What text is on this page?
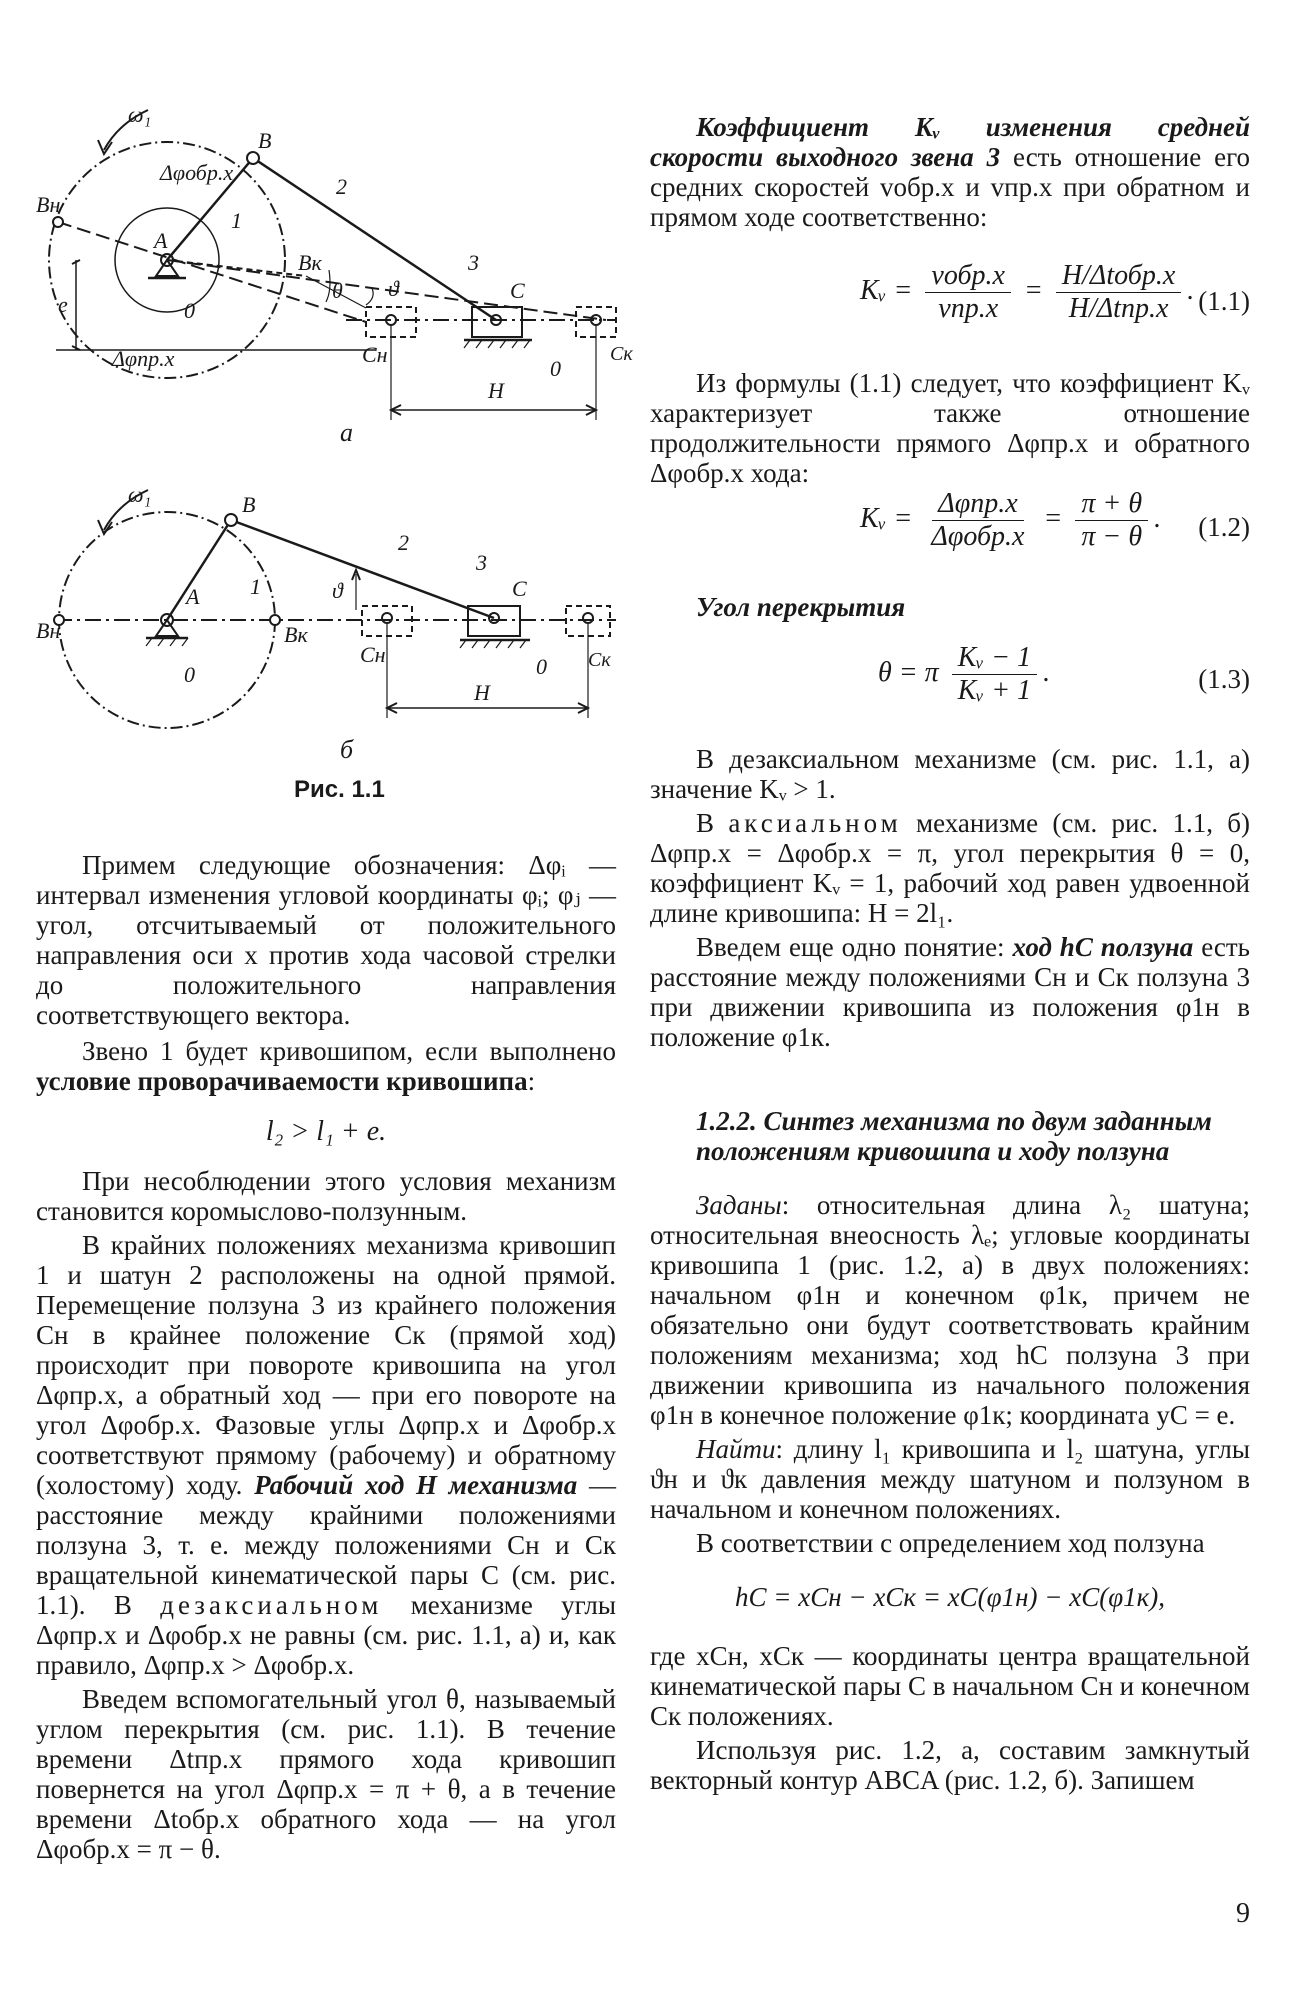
ω₁
Δφобр.х
Bн
B
2
A
1
Bк
e	0
θ ϑ
3
C
Δφпр.х	Cн
0
Cк
H
а
ω₁	B
2
3
C
ϑ
A 1
Bн	Bк
0
Cн	0 Cк
H
б
Рис. 1.1

Примем следующие обозначения: Δφᵢ — интервал изменения угловой координаты φᵢ; φⱼ — угол, отсчитываемый от положительного направления оси x против хода часовой стрелки до положительного направления соответствующего вектора.

Звено 1 будет кривошипом, если выполнено условие проворачиваемости кривошипа:

l₂ > l₁ + e.

При несоблюдении этого условия механизм становится коромыслово-ползунным.

В крайних положениях механизма кривошип 1 и шатун 2 расположены на одной прямой. Перемещение ползуна 3 из крайнего положения Cн в крайнее положение Cк (прямой ход) происходит при повороте кривошипа на угол Δφпр.х, а обратный ход — при его повороте на угол Δφобр.х. Фазовые углы Δφпр.х и Δφобр.х соответствуют прямому (рабочему) и обратному (холостому) ходу. Рабочий ход H механизма — расстояние между крайними положениями ползуна 3, т. е. между положениями Cн и Cк вращательной кинематической пары C (см. рис. 1.1). В дезаксиальном механизме углы Δφпр.х и Δφобр.х не равны (см. рис. 1.1, а) и, как правило, Δφпр.х > Δφобр.х.

Введем вспомогательный угол θ, называемый углом перекрытия (см. рис. 1.1). В течение времени Δtпр.х прямого хода кривошип повернется на угол Δφпр.х = π + θ, а в течение времени Δtобр.х обратного хода — на угол Δφобр.х = π − θ.

Коэффициент Kᵥ изменения средней скорости выходного звена 3 есть отношение его средних скоростей vобр.х и vпр.х при обратном и прямом ходе соответственно:

Kᵥ = $\frac{\text{vобр.х}}{\text{vпр.х}} = \frac{\text{H/Δtобр.х}}{\text{H/Δtпр.х}}$ . (1.1)

Из формулы (1.1) следует, что коэффициент Kᵥ характеризует также отношение продолжительности прямого Δφпр.х и обратного Δφобр.х хода:

Kᵥ = $\frac{\text{Δφпр.х}}{\text{Δφобр.х}} = \frac{\pi + \theta}{\pi - \theta}$ . (1.2)
Угол перекрытия
θ = π $\frac{\text{Kᵥ − 1}}{\text{Kᵥ + 1}}$ .	(1.3)

В дезаксиальном механизме (см. рис. 1.1, а) значение Kᵥ > 1.

В аксиальном механизме (см. рис. 1.1, б) Δφпр.х = Δφобр.х = π, угол перекрытия θ = 0, коэффициент Kᵥ = 1, рабочий ход равен удвоенной длине кривошипа: H = 2l₁.

Введем еще одно понятие: ход hC ползуна есть расстояние между положениями Cн и Cк ползуна 3 при движении кривошипа из положения φ1н в положение φ1к.

1.2.2. Синтез механизма по двум заданным положениям кривошипа и ходу ползуна

Заданы: относительная длина λ₂ шатуна; относительная внеосность λₑ; угловые координаты кривошипа 1 (рис. 1.2, а) в двух положениях: начальном φ1н и конечном φ1к, причем не обязательно они будут соответствовать крайним положениям механизма; ход hC ползуна 3 при движении кривошипа из начального положения φ1н в конечное положение φ1к; координата yC = e.

Найти: длину l₁ кривошипа и l₂ шатуна, углы ϑн и ϑк давления между шатуном и ползуном в начальном и конечном положениях.

В соответствии с определением ход ползуна

hC = xCн − xCк = xC(φ1н) − xC(φ1к),

где xCн, xCк — координаты центра вращательной кинематической пары C в начальном Cн и конечном Cк положениях.

Используя рис. 1.2, а, составим замкнутый векторный контур ABCA (рис. 1.2, б). Запишем

9
